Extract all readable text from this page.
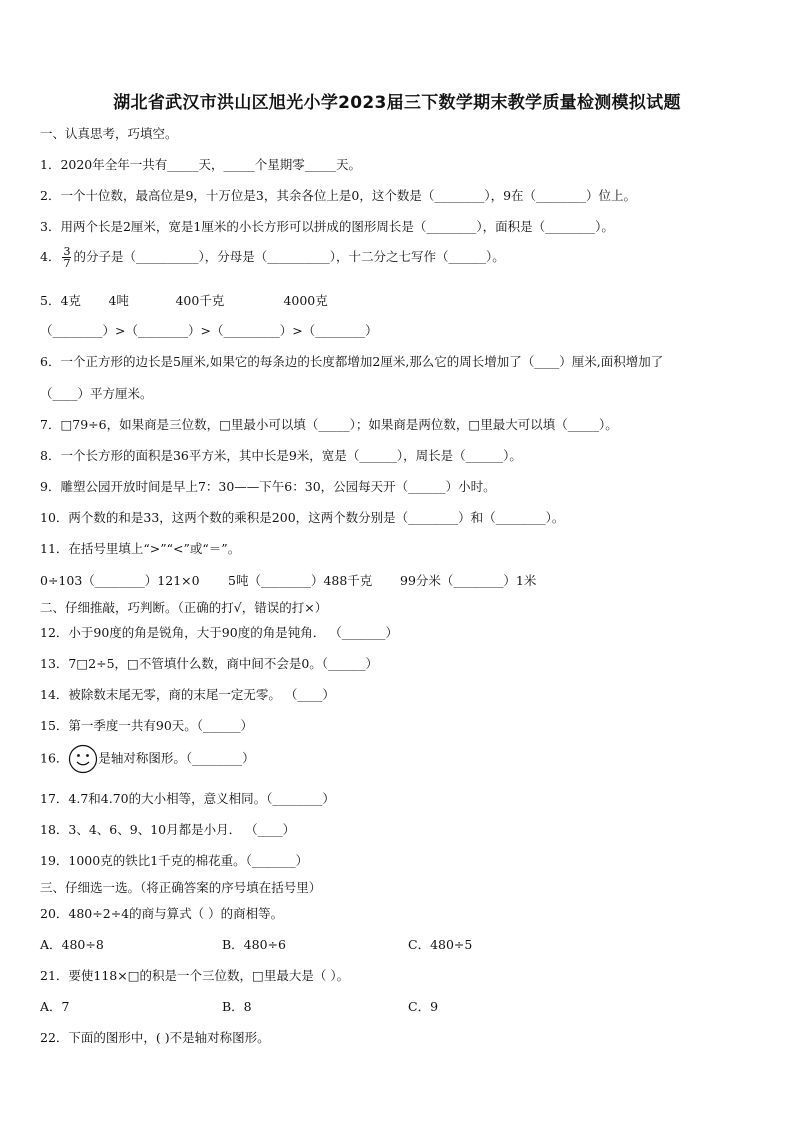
湖北省武汉市洪山区旭光小学2023届三下数学期末教学质量检测模拟试题
一、认真思考，巧填空。
1．2020年全年一共有_____天，_____个星期零_____天。
2．一个十位数，最高位是9，十万位是3，其余各位上是0，这个数是（________），9在（________）位上。
3．用两个长是2厘米，宽是1厘米的小长方形可以拼成的图形周长是（________），面积是（________）。
4． $\frac{3}{7}$ 的分子是（__________），分母是（__________），十二分之七写作（______）。
5．4克 4吨	400千克	4000克
（________）>（________）>（_________）>（________）
6．一个正方形的边长是5厘米,如果它的每条边的长度都增加2厘米,那么它的周长增加了（____）厘米,面积增加了
（____）平方厘米。
7．□79÷6，如果商是三位数，□里最小可以填（_____）；如果商是两位数，□里最大可以填（_____）。
8．一个长方形的面积是36平方米，其中长是9米，宽是（______），周长是（______）。
9．雕塑公园开放时间是早上7：30——下午6：30，公园每天开（______）小时。
10．两个数的和是33，这两个数的乘积是200，这两个数分别是（________）和（________）。
11．在括号里填上“>”“<”或“＝”。
0÷103（________）121×0 5吨（________）488千克 99分米（________）1米
二、仔细推敲，巧判断。（正确的打√，错误的打×）
12．小于90度的角是锐角，大于90度的角是钝角． （_______）
13．7□2÷5，□不管填什么数，商中间不会是0。（______）
14．被除数末尾无零，商的末尾一定无零。 （____）
15．第一季度一共有90天。（______）
16． 是轴对称图形。（________）
17．4.7和4.70的大小相等，意义相同。（________）
18．3、4、6、9、10月都是小月． （____）
19．1000克的铁比1千克的棉花重。（_______）
三、仔细选一选。（将正确答案的序号填在括号里）
20．480÷2÷4的商与算式（ ）的商相等。
A．480÷8	B．480÷6	C．480÷5
21．要使118×□的积是一个三位数，□里最大是（ ）。
A．7	B．8	C．9
22．下面的图形中，( )不是轴对称图形。
